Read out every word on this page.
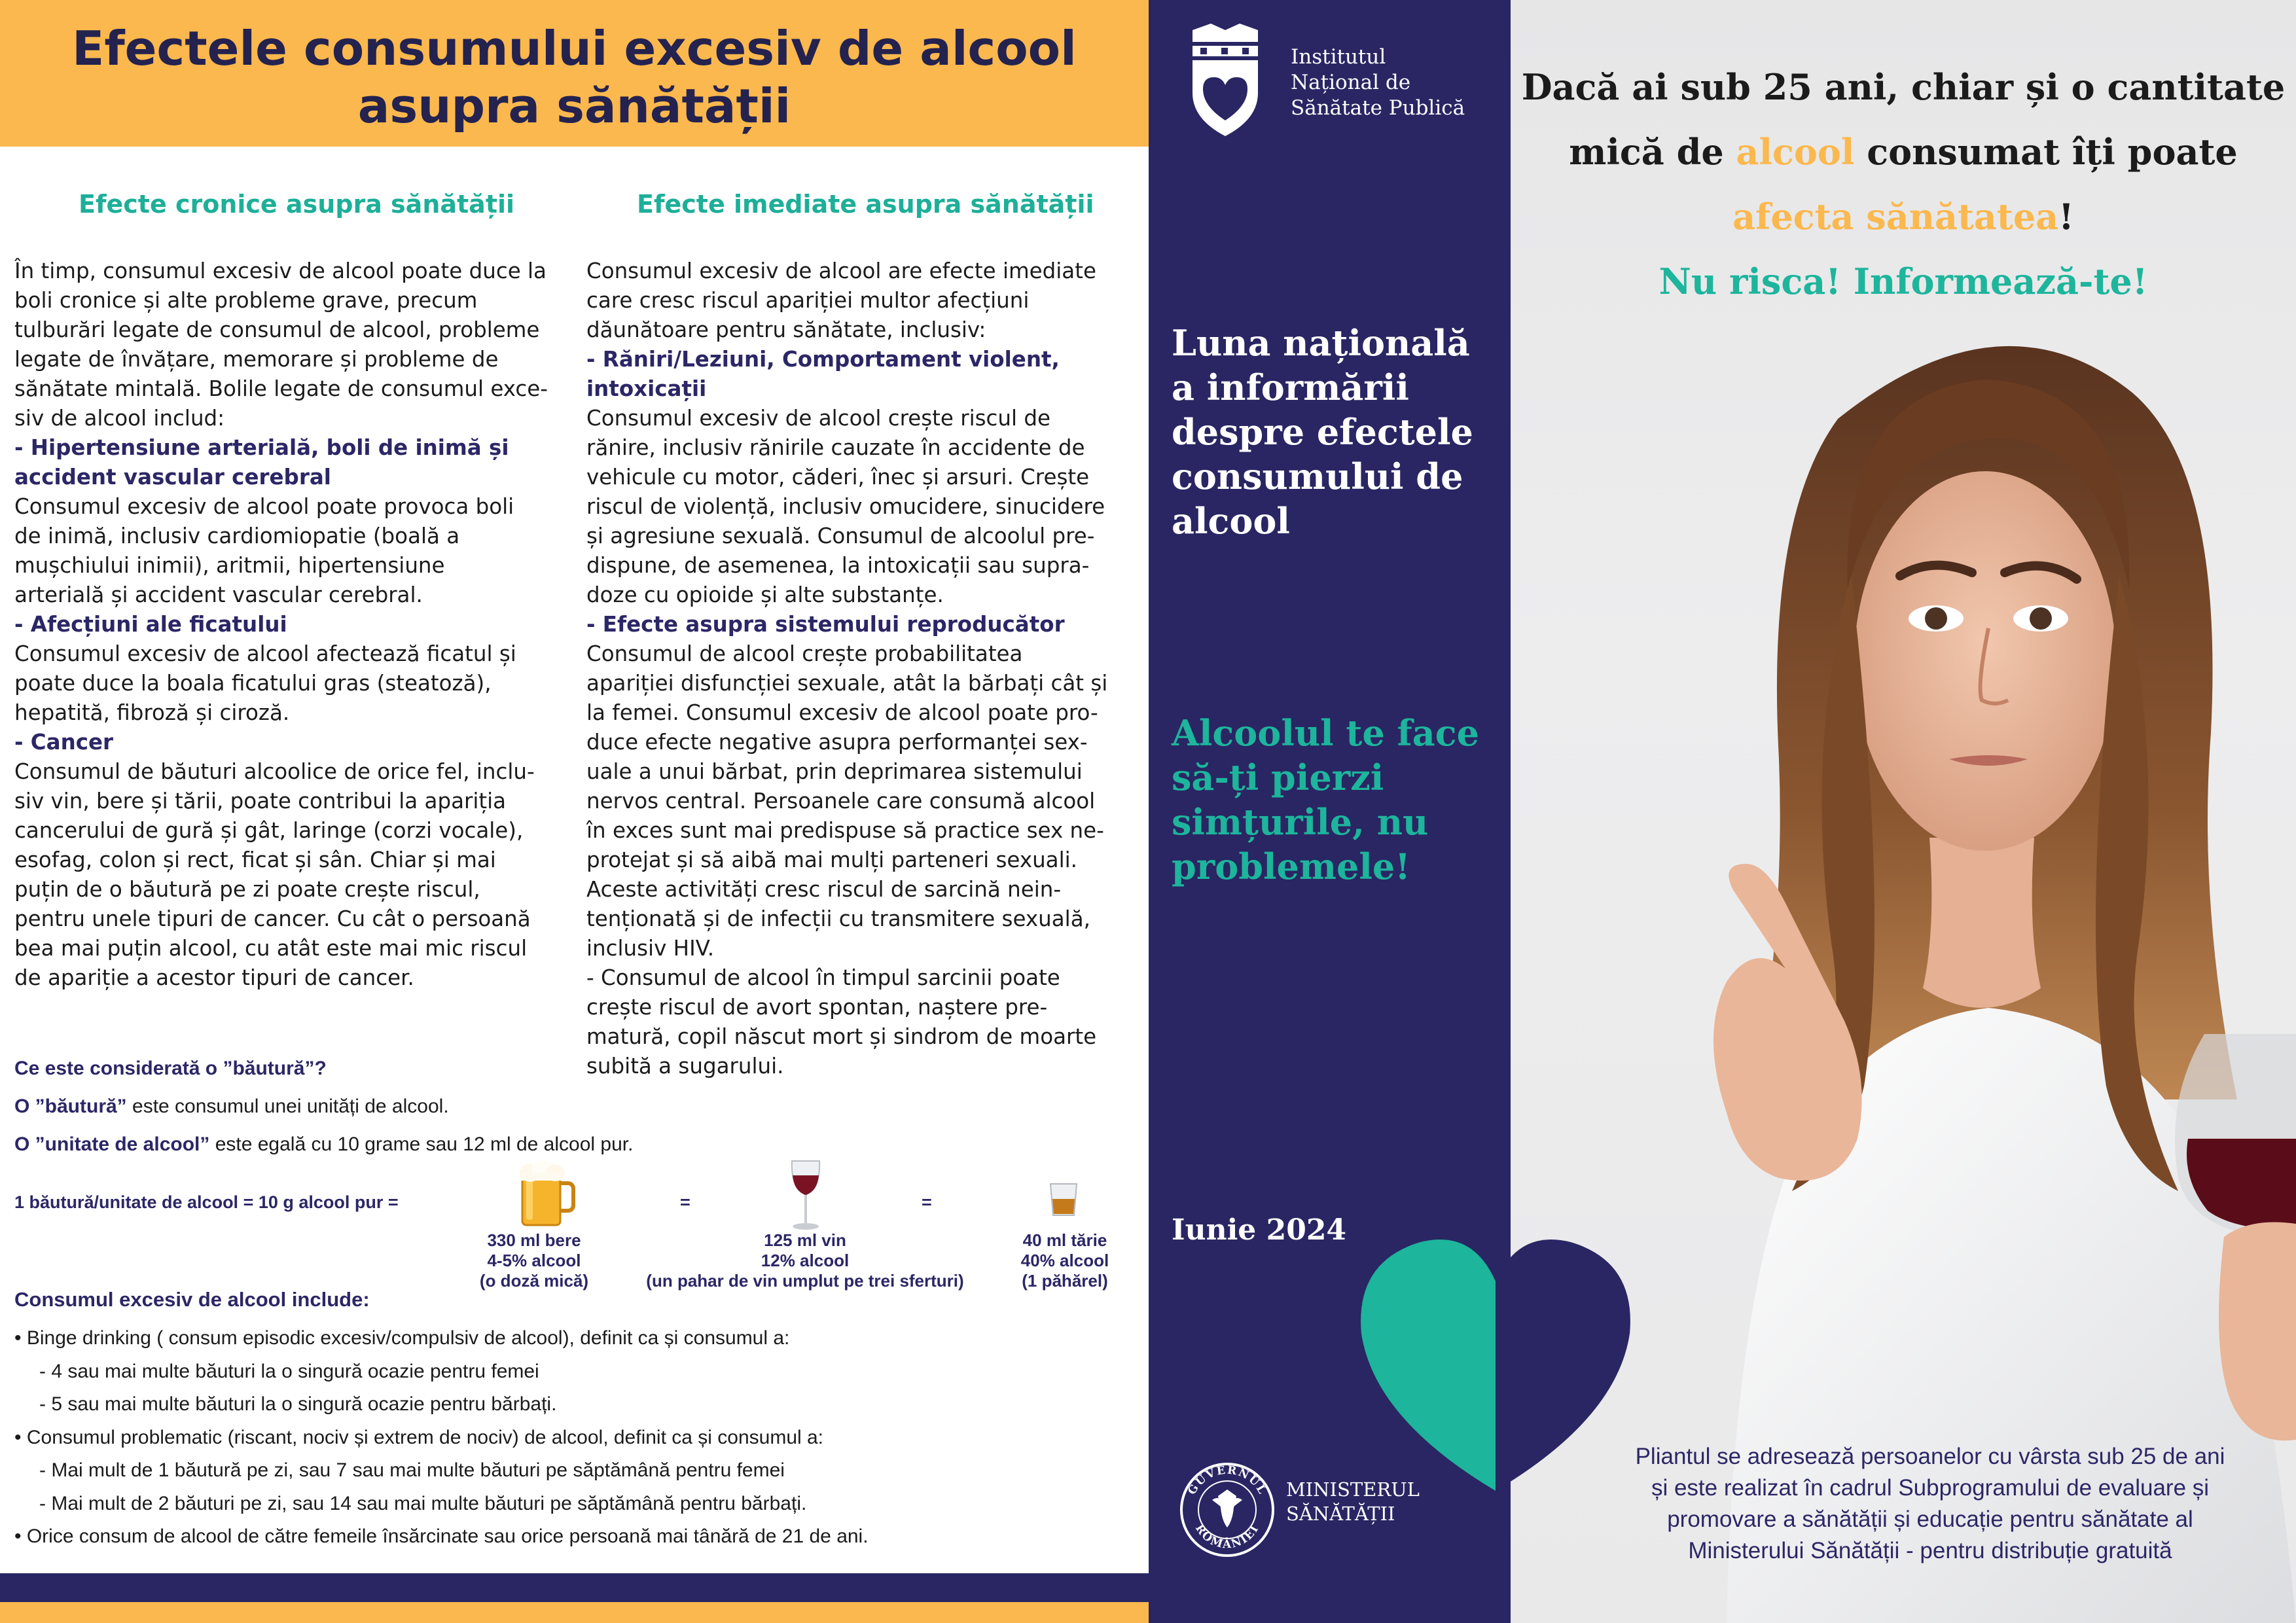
Efectele consumului excesiv de alcool
asupra sănătății
Efecte cronice asupra sănătății	Efecte imediate asupra sănătății

În timp, consumul excesiv de alcool poate duce la

boli cronice și alte probleme grave, precum

tulburări legate de consumul de alcool, probleme

legate de învățare, memorare și probleme de

sănătate mintală. Bolile legate de consumul exce-

siv de alcool includ:

- Hipertensiune arterială, boli de inimă și

accident vascular cerebral

Consumul excesiv de alcool poate provoca boli

de inimă, inclusiv cardiomiopatie (boală a

mușchiului inimii), aritmii, hipertensiune

arterială și accident vascular cerebral.

- Afecțiuni ale ficatului

Consumul excesiv de alcool afectează ficatul și

poate duce la boala ficatului gras (steatoză),

hepatită, fibroză și ciroză.

- Cancer

Consumul de băuturi alcoolice de orice fel, inclu-

siv vin, bere și tării, poate contribui la apariția

cancerului de gură și gât, laringe (corzi vocale),

esofag, colon și rect, ficat și sân. Chiar și mai

puțin de o băutură pe zi poate crește riscul,

pentru unele tipuri de cancer. Cu cât o persoană

bea mai puțin alcool, cu atât este mai mic riscul

de apariție a acestor tipuri de cancer.

Consumul excesiv de alcool are efecte imediate

care cresc riscul apariției multor afecțiuni

dăunătoare pentru sănătate, inclusiv:

- Răniri/Leziuni, Comportament violent, intoxicații

Consumul excesiv de alcool crește riscul de

rănire, inclusiv rănirile cauzate în accidente de

vehicule cu motor, căderi, înec și arsuri. Crește

riscul de violență, inclusiv omucidere, sinucidere

și agresiune sexuală. Consumul de alcoolul pre-

dispune, de asemenea, la intoxicații sau supra-

doze cu opioide și alte substanțe.

- Efecte asupra sistemului reproducător

Consumul de alcool crește probabilitatea

apariției disfuncției sexuale, atât la bărbați cât și

la femei. Consumul excesiv de alcool poate pro-

duce efecte negative asupra performanței sex-

uale a unui bărbat, prin deprimarea sistemului

nervos central. Persoanele care consumă alcool

în exces sunt mai predispuse să practice sex ne-

protejat și să aibă mai mulți parteneri sexuali.

Aceste activități cresc riscul de sarcină nein-

tenționată și de infecții cu transmitere sexuală,

inclusiv HIV.

- Consumul de alcool în timpul sarcinii poate

crește riscul de avort spontan, naștere pre-

matură, copil născut mort și sindrom de moarte

subită a sugarului.

Ce este considerată o ”băutură”?
O ”băutură” este consumul unei unități de alcool.
O ”unitate de alcool” este egală cu 10 grame sau 12 ml de alcool pur.
1 băutură/unitate de alcool = 10 g alcool pur =	=	=
330 ml bere
4-5% alcool
(o doză mică)
125 ml vin
12% alcool
(un pahar de vin umplut pe trei sferturi)
40 ml tărie
40% alcool
(1 păhărel)
Consumul excesiv de alcool include:

• Binge drinking ( consum episodic excesiv/compulsiv de alcool), definit ca și consumul a:

- 4 sau mai multe băuturi la o singură ocazie pentru femei

- 5 sau mai multe băuturi la o singură ocazie pentru bărbați.

• Consumul problematic (riscant, nociv și extrem de nociv) de alcool, definit ca și consumul a:

- Mai mult de 1 băutură pe zi, sau 7 sau mai multe băuturi pe săptămână pentru femei

- Mai mult de 2 băuturi pe zi, sau 14 sau mai multe băuturi pe săptămână pentru bărbați.

• Orice consum de alcool de către femeile însărcinate sau orice persoană mai tânără de 21 de ani.

Institutul
Național de
Sănătate Publică
Luna națională
a informării
despre efectele
consumului de
alcool
Alcoolul te face
să-ți pierzi
simțurile, nu
problemele!
Iunie 2024
GUVERNUL
ROMÂNIEI
MINISTERUL
SĂNĂTĂȚII
Dacă ai sub 25 ani, chiar și o cantitate
mică de alcool consumat îți poate
afecta sănătatea!
Nu risca! Informează-te!
Pliantul se adresează persoanelor cu vârsta sub 25 de ani
și este realizat în cadrul Subprogramului de evaluare și
promovare a sănătății și educație pentru sănătate al
Ministerului Sănătății - pentru distribuție gratuită
